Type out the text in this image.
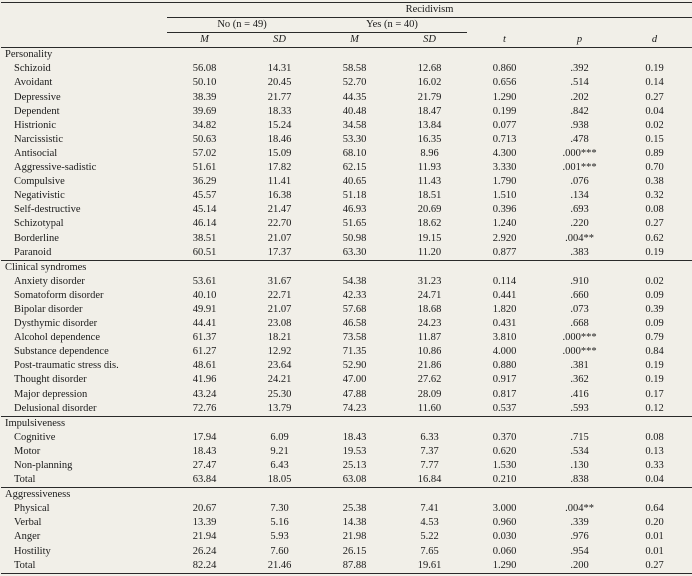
	Recidivism						
	No (n = 49)		Yes (n = 40)				
	M	SD	M	SD	t	p	d
Personality							
Schizoid	56.08	14.31	58.58	12.68	0.860	.392	0.19
Avoidant	50.10	20.45	52.70	16.02	0.656	.514	0.14
Depressive	38.39	21.77	44.35	21.79	1.290	.202	0.27
Dependent	39.69	18.33	40.48	18.47	0.199	.842	0.04
Histrionic	34.82	15.24	34.58	13.84	0.077	.938	0.02
Narcissistic	50.63	18.46	53.30	16.35	0.713	.478	0.15
Antisocial	57.02	15.09	68.10	8.96	4.300	.000***	0.89
Aggressive-sadistic	51.61	17.82	62.15	11.93	3.330	.001***	0.70
Compulsive	36.29	11.41	40.65	11.43	1.790	.076	0.38
Negativistic	45.57	16.38	51.18	18.51	1.510	.134	0.32
Self-destructive	45.14	21.47	46.93	20.69	0.396	.693	0.08
Schizotypal	46.14	22.70	51.65	18.62	1.240	.220	0.27
Borderline	38.51	21.07	50.98	19.15	2.920	.004**	0.62
Paranoid	60.51	17.37	63.30	11.20	0.877	.383	0.19
Clinical syndromes							
Anxiety disorder	53.61	31.67	54.38	31.23	0.114	.910	0.02
Somatoform disorder	40.10	22.71	42.33	24.71	0.441	.660	0.09
Bipolar disorder	49.91	21.07	57.68	18.68	1.820	.073	0.39
Dysthymic disorder	44.41	23.08	46.58	24.23	0.431	.668	0.09
Alcohol dependence	61.37	18.21	73.58	11.87	3.810	.000***	0.79
Substance dependence	61.27	12.92	71.35	10.86	4.000	.000***	0.84
Post-traumatic stress dis.	48.61	23.64	52.90	21.86	0.880	.381	0.19
Thought disorder	41.96	24.21	47.00	27.62	0.917	.362	0.19
Major depression	43.24	25.30	47.88	28.09	0.817	.416	0.17
Delusional disorder	72.76	13.79	74.23	11.60	0.537	.593	0.12
Impulsiveness							
Cognitive	17.94	6.09	18.43	6.33	0.370	.715	0.08
Motor	18.43	9.21	19.53	7.37	0.620	.534	0.13
Non-planning	27.47	6.43	25.13	7.77	1.530	.130	0.33
Total	63.84	18.05	63.08	16.84	0.210	.838	0.04
Aggressiveness							
Physical	20.67	7.30	25.38	7.41	3.000	.004**	0.64
Verbal	13.39	5.16	14.38	4.53	0.960	.339	0.20
Anger	21.94	5.93	21.98	5.22	0.030	.976	0.01
Hostility	26.24	7.60	26.15	7.65	0.060	.954	0.01
Total	82.24	21.46	87.88	19.61	1.290	.200	0.27
